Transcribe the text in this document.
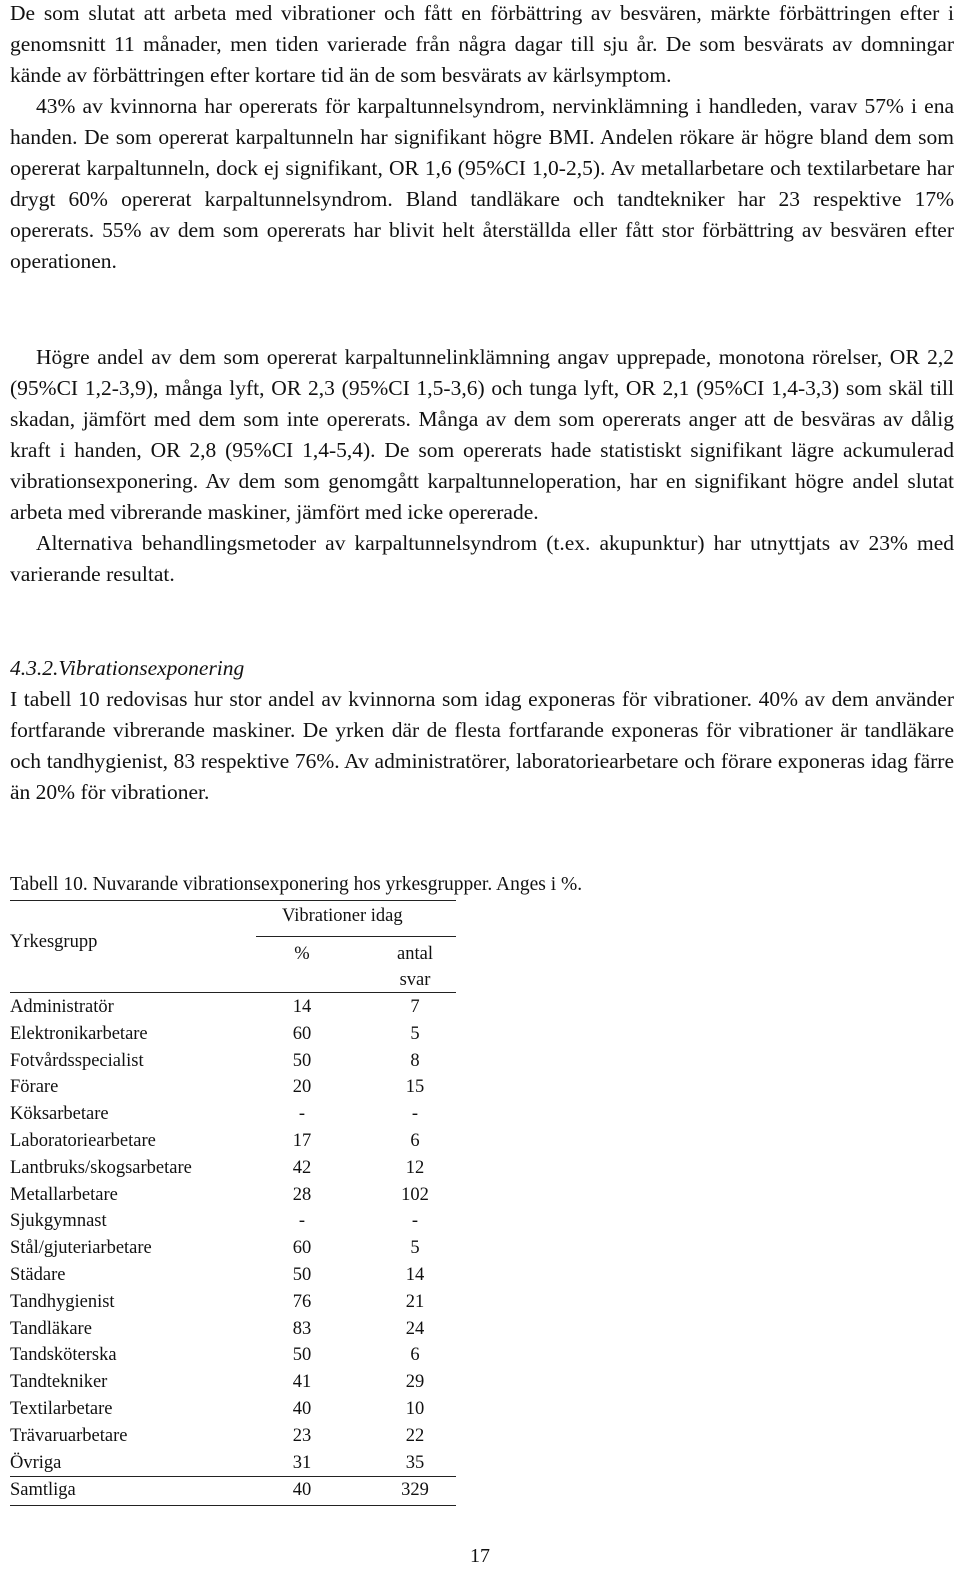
De som slutat att arbeta med vibrationer och fått en förbättring av besvären, märkte förbättringen efter i genomsnitt 11 månader, men tiden varierade från några dagar till sju år. De som besvärats av domningar kände av förbättringen efter kortare tid än de som besvärats av kärlsymptom.

43% av kvinnorna har opererats för karpaltunnelsyndrom, nervinklämning i handleden, varav 57% i ena handen. De som opererat karpaltunneln har signifikant högre BMI. Andelen rökare är högre bland dem som opererat karpaltunneln, dock ej signifikant, OR 1,6 (95%CI 1,0-2,5). Av metallarbetare och textilarbetare har drygt 60% opererat karpaltunnelsyndrom. Bland tandläkare och tandtekniker har 23 respektive 17% opererats. 55% av dem som opererats har blivit helt återställda eller fått stor förbättring av besvären efter operationen.

Högre andel av dem som opererat karpaltunnelinklämning angav upprepade, monotona rörelser, OR 2,2 (95%CI 1,2-3,9), många lyft, OR 2,3 (95%CI 1,5-3,6) och tunga lyft, OR 2,1 (95%CI 1,4-3,3) som skäl till skadan, jämfört med dem som inte opererats. Många av dem som opererats anger att de besväras av dålig kraft i handen, OR 2,8 (95%CI 1,4-5,4). De som opererats hade statistiskt signifikant lägre ackumulerad vibrationsexponering. Av dem som genomgått karpaltunneloperation, har en signifikant högre andel slutat arbeta med vibrerande maskiner, jämfört med icke opererade.

Alternativa behandlingsmetoder av karpaltunnelsyndrom (t.ex. akupunktur) har utnyttjats av 23% med varierande resultat.

4.3.2.Vibrationsexponering

I tabell 10 redovisas hur stor andel av kvinnorna som idag exponeras för vibrationer. 40% av dem använder fortfarande vibrerande maskiner. De yrken där de flesta fortfarande exponeras för vibrationer är tandläkare och tandhygienist, 83 respektive 76%. Av administratörer, laboratoriearbetare och förare exponeras idag färre än 20% för vibrationer.

Tabell 10. Nuvarande vibrationsexponering hos yrkesgrupper. Anges i %.
Vibrationer idag
Yrkesgrupp
%	antal
svar
Administratör	14	7
Elektronikarbetare	60	5
Fotvårdsspecialist	50	8
Förare	20	15
Köksarbetare	-	-
Laboratoriearbetare	17	6
Lantbruks/skogsarbetare	42	12
Metallarbetare	28	102
Sjukgymnast	-	-
Stål/gjuteriarbetare	60	5
Städare	50	14
Tandhygienist	76	21
Tandläkare	83	24
Tandsköterska	50	6
Tandtekniker	41	29
Textilarbetare	40	10
Trävaruarbetare	23	22
Övriga	31	35
Samtliga	40	329
17
